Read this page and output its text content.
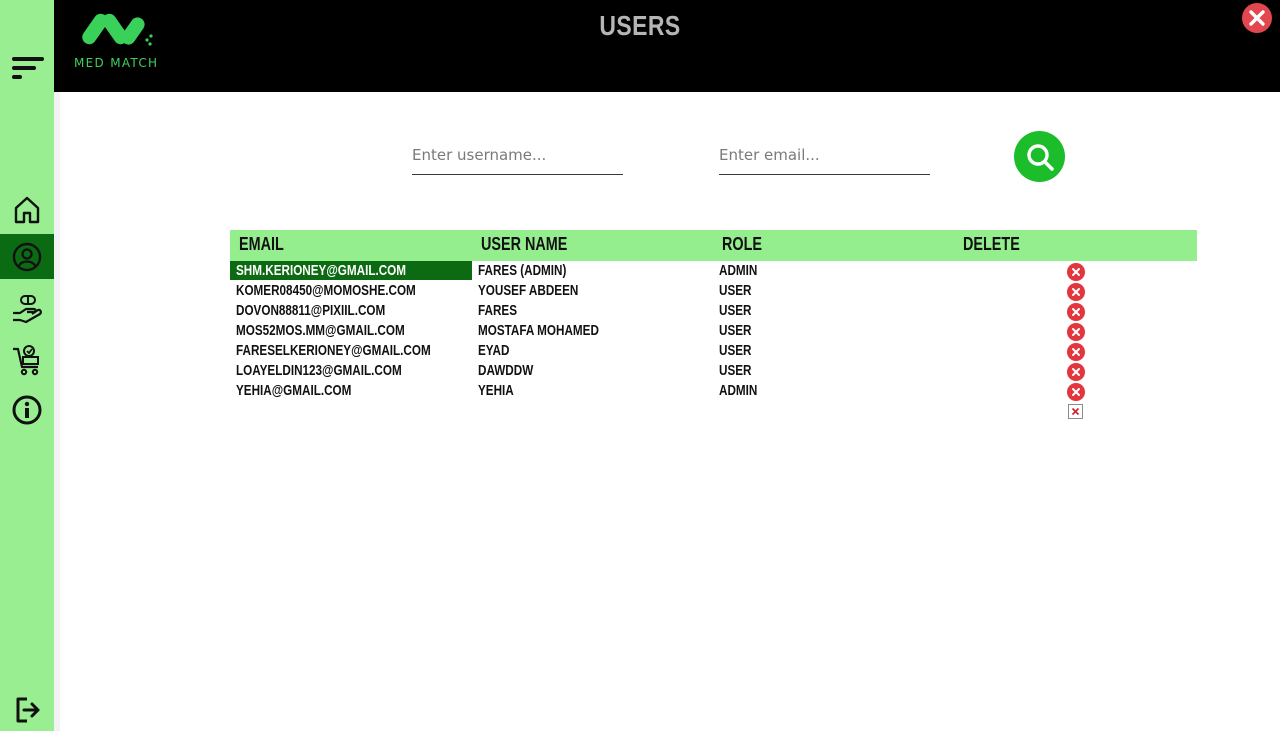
MED MATCH
USERS
Enter username...
Enter email...
EMAIL	USER NAME	ROLE	DELETE
SHM.KERIONEY@GMAIL.COM	FARES (ADMIN)	ADMIN
KOMER08450@MOMOSHE.COM	YOUSEF ABDEEN	USER
DOVON88811@PIXIIL.COM	FARES	USER
MOS52MOS.MM@GMAIL.COM	MOSTAFA MOHAMED	USER
FARESELKERIONEY@GMAIL.COM	EYAD	USER
LOAYELDIN123@GMAIL.COM	DAWDDW	USER
YEHIA@GMAIL.COM	YEHIA	ADMIN
